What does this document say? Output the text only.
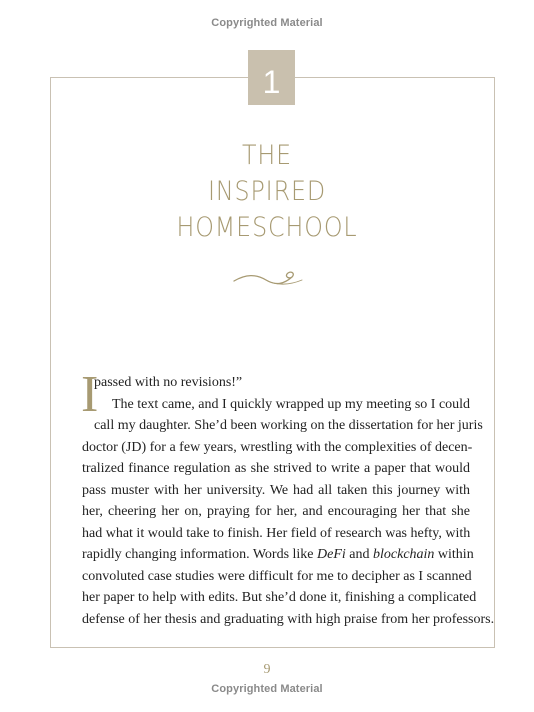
Copyrighted Material
1
THE
INSPIRED
HOMESCHOOL
I
passed with no revisions!”
The text came, and I quickly wrapped up my meeting so I could
call my daughter. She’d been working on the dissertation for her juris
doctor (JD) for a few years, wrestling with the complexities of decen-
tralized finance regulation as she strived to write a paper that would
pass muster with her university. We had all taken this journey with
her, cheering her on, praying for her, and encouraging her that she
had what it would take to finish. Her field of research was hefty, with
rapidly changing information. Words like DeFi and blockchain within
convoluted case studies were difficult for me to decipher as I scanned
her paper to help with edits. But she’d done it, finishing a complicated
defense of her thesis and graduating with high praise from her professors.
9
Copyrighted Material
